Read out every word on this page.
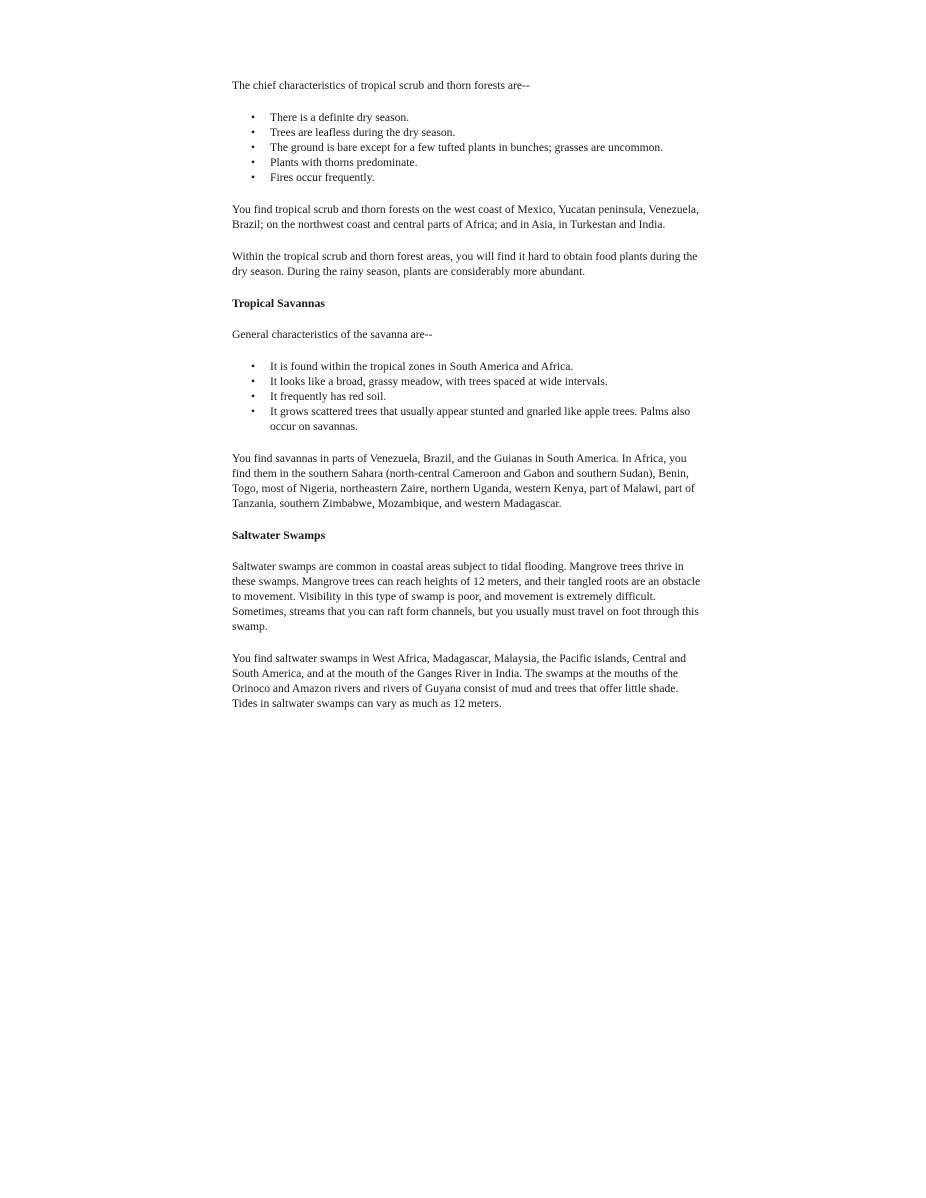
The chief characteristics of tropical scrub and thorn forests are--

• There is a definite dry season.
• Trees are leafless during the dry season.
• The ground is bare except for a few tufted plants in bunches; grasses are uncommon.
• Plants with thorns predominate.
• Fires occur frequently.

You find tropical scrub and thorn forests on the west coast of Mexico, Yucatan peninsula, Venezuela, Brazil; on the northwest coast and central parts of Africa; and in Asia, in Turkestan and India.

Within the tropical scrub and thorn forest areas, you will find it hard to obtain food plants during the dry season. During the rainy season, plants are considerably more abundant.

Tropical Savannas

General characteristics of the savanna are--

• It is found within the tropical zones in South America and Africa.
• It looks like a broad, grassy meadow, with trees spaced at wide intervals.
• It frequently has red soil.
• It grows scattered trees that usually appear stunted and gnarled like apple trees. Palms also occur on savannas.

You find savannas in parts of Venezuela, Brazil, and the Guianas in South America. In Africa, you find them in the southern Sahara (north-central Cameroon and Gabon and southern Sudan), Benin, Togo, most of Nigeria, northeastern Zaire, northern Uganda, western Kenya, part of Malawi, part of Tanzania, southern Zimbabwe, Mozambique, and western Madagascar.

Saltwater Swamps

Saltwater swamps are common in coastal areas subject to tidal flooding. Mangrove trees thrive in these swamps. Mangrove trees can reach heights of 12 meters, and their tangled roots are an obstacle to movement. Visibility in this type of swamp is poor, and movement is extremely difficult. Sometimes, streams that you can raft form channels, but you usually must travel on foot through this swamp.

You find saltwater swamps in West Africa, Madagascar, Malaysia, the Pacific islands, Central and South America, and at the mouth of the Ganges River in India. The swamps at the mouths of the Orinoco and Amazon rivers and rivers of Guyana consist of mud and trees that offer little shade. Tides in saltwater swamps can vary as much as 12 meters.
